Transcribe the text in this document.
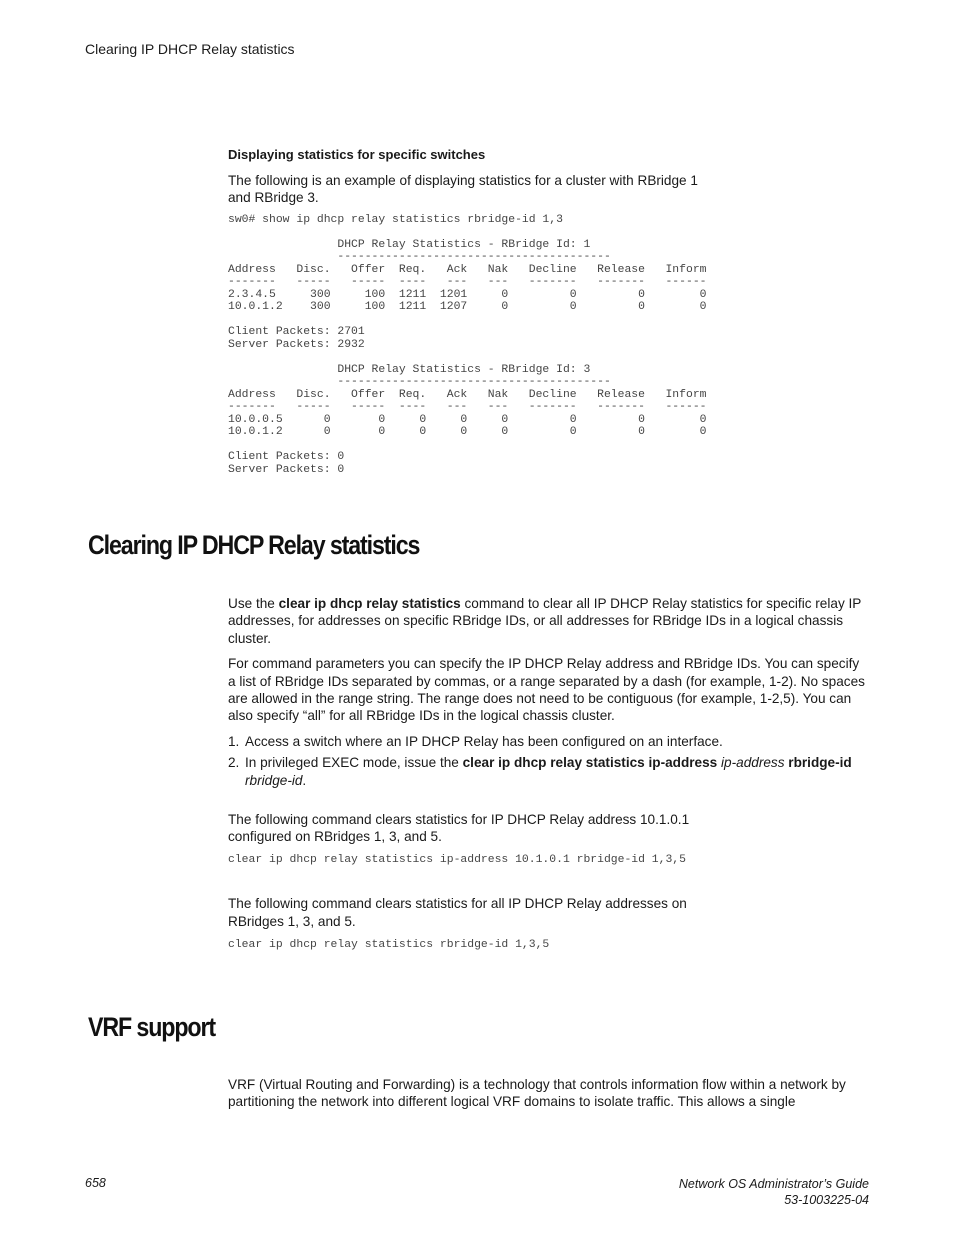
Clearing IP DHCP Relay statistics
Displaying statistics for specific switches

The following is an example of displaying statistics for a cluster with RBridge 1
and RBridge 3.

sw0# show ip dhcp relay statistics rbridge-id 1,3

DHCP Relay Statistics - RBridge Id: 1
----------------------------------------
Address   Disc.   Offer  Req.   Ack   Nak   Decline   Release   Inform
-------   -----   -----  ----   ---   ---   -------   -------   ------
2.3.4.5     300     100  1211  1201     0         0         0        0
10.0.1.2    300     100  1211  1207     0         0         0        0

Client Packets: 2701
Server Packets: 2932

DHCP Relay Statistics - RBridge Id: 3
----------------------------------------
Address   Disc.   Offer  Req.   Ack   Nak   Decline   Release   Inform
-------   -----   -----  ----   ---   ---   -------   -------   ------
10.0.0.5      0       0     0     0     0         0         0        0
10.0.1.2      0       0     0     0     0         0         0        0

Client Packets: 0
Server Packets: 0
Clearing IP DHCP Relay statistics

Use the clear ip dhcp relay statistics command to clear all IP DHCP Relay statistics for specific relay IP addresses, for addresses on specific RBridge IDs, or all addresses for RBridge IDs in a logical chassis cluster.

For command parameters you can specify the IP DHCP Relay address and RBridge IDs. You can specify a list of RBridge IDs separated by commas, or a range separated by a dash (for example, 1-2). No spaces are allowed in the range string. The range does not need to be contiguous (for example, 1-2,5). You can also specify “all” for all RBridge IDs in the logical chassis cluster.

1. Access a switch where an IP DHCP Relay has been configured on an interface.
2. In privileged EXEC mode, issue the clear ip dhcp relay statistics ip-address ip-address rbridge-id rbridge-id.

The following command clears statistics for IP DHCP Relay address 10.1.0.1
configured on RBridges 1, 3, and 5.

clear ip dhcp relay statistics ip-address 10.1.0.1 rbridge-id 1,3,5

The following command clears statistics for all IP DHCP Relay addresses on
RBridges 1, 3, and 5.

clear ip dhcp relay statistics rbridge-id 1,3,5
VRF support

VRF (Virtual Routing and Forwarding) is a technology that controls information flow within a network by partitioning the network into different logical VRF domains to isolate traffic. This allows a single

658	Network OS Administrator’s Guide
53-1003225-04
